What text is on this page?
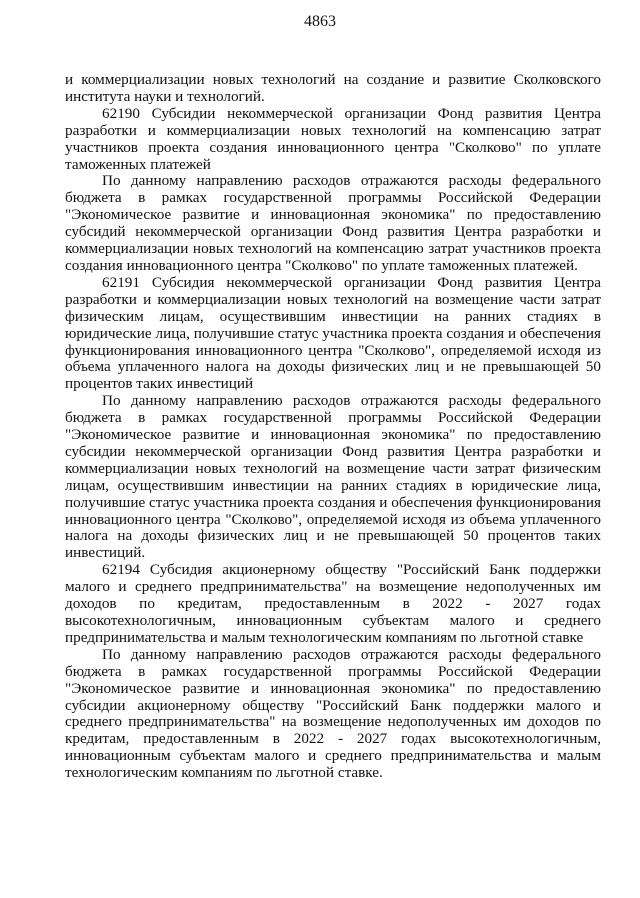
4863

и коммерциализации новых технологий на создание и развитие Сколковского института науки и технологий.

62190 Субсидии некоммерческой организации Фонд развития Центра разработки и коммерциализации новых технологий на компенсацию затрат участников проекта создания инновационного центра "Сколково" по уплате таможенных платежей

По данному направлению расходов отражаются расходы федерального бюджета в рамках государственной программы Российской Федерации "Экономическое развитие и инновационная экономика" по предоставлению субсидий некоммерческой организации Фонд развития Центра разработки и коммерциализации новых технологий на компенсацию затрат участников проекта создания инновационного центра "Сколково" по уплате таможенных платежей.

62191 Субсидия некоммерческой организации Фонд развития Центра разработки и коммерциализации новых технологий на возмещение части затрат физическим лицам, осуществившим инвестиции на ранних стадиях в юридические лица, получившие статус участника проекта создания и обеспечения функционирования инновационного центра "Сколково", определяемой исходя из объема уплаченного налога на доходы физических лиц и не превышающей 50 процентов таких инвестиций

По данному направлению расходов отражаются расходы федерального бюджета в рамках государственной программы Российской Федерации "Экономическое развитие и инновационная экономика" по предоставлению субсидии некоммерческой организации Фонд развития Центра разработки и коммерциализации новых технологий на возмещение части затрат физическим лицам, осуществившим инвестиции на ранних стадиях в юридические лица, получившие статус участника проекта создания и обеспечения функционирования инновационного центра "Сколково", определяемой исходя из объема уплаченного налога на доходы физических лиц и не превышающей 50 процентов таких инвестиций.

62194 Субсидия акционерному обществу "Российский Банк поддержки малого и среднего предпринимательства" на возмещение недополученных им доходов по кредитам, предоставленным в 2022 - 2027 годах высокотехнологичным, инновационным субъектам малого и среднего предпринимательства и малым технологическим компаниям по льготной ставке

По данному направлению расходов отражаются расходы федерального бюджета в рамках государственной программы Российской Федерации "Экономическое развитие и инновационная экономика" по предоставлению субсидии акционерному обществу "Российский Банк поддержки малого и среднего предпринимательства" на возмещение недополученных им доходов по кредитам, предоставленным в 2022 - 2027 годах высокотехнологичным, инновационным субъектам малого и среднего предпринимательства и малым технологическим компаниям по льготной ставке.
